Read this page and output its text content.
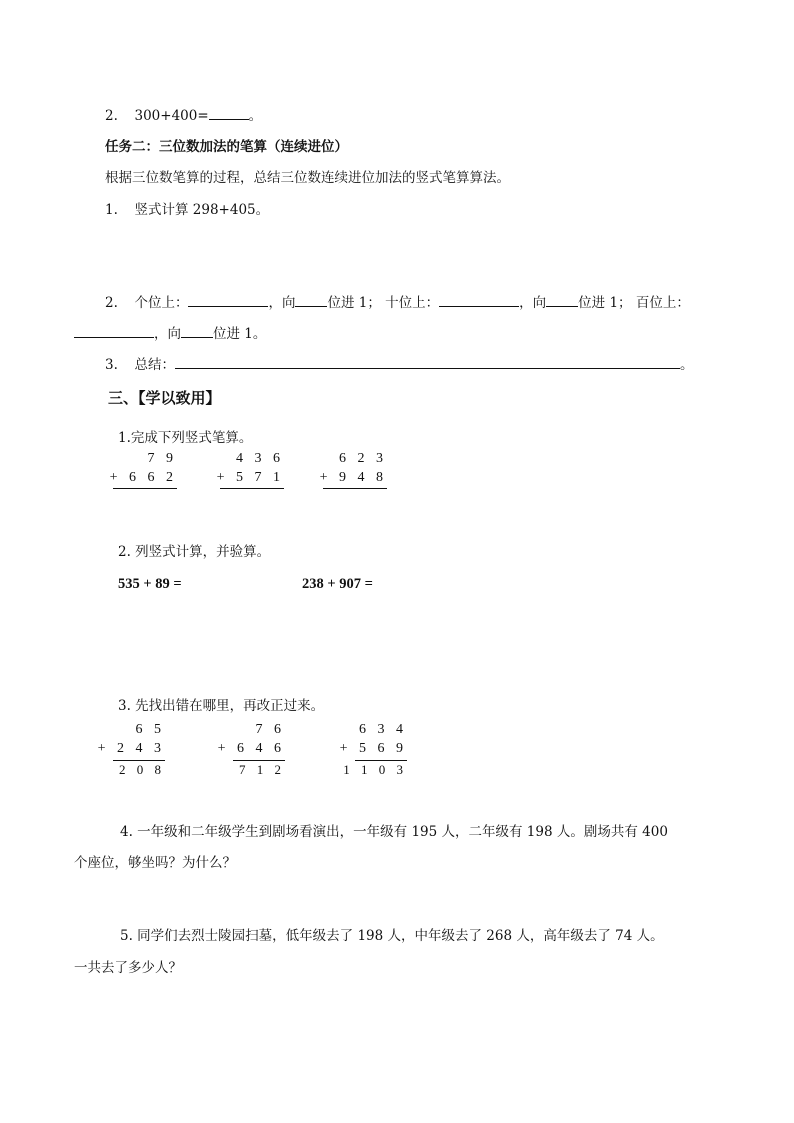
2. 300+400=	。
任务二：三位数加法的笔算（连续进位）
根据三位数笔算的过程，总结三位数连续进位加法的竖式笔算算法。
1. 竖式计算 298+405。
2. 个位上：	，向 位进 1； 十位上：	，向 位进 1； 百位上：
，向 位进 1。
3. 总结：	。
三、【学以致用】
1.完成下列竖式笔算。
7 9
+ 6 6 2
4 3 6
+ 5 7 1
6 2 3
+ 9 4 8
2. 列竖式计算，并验算。
535 + 89 =	238 + 907 =
3. 先找出错在哪里，再改正过来。
6 5
+ 2 4 3
2 0 8
7 6
+ 6 4 6
7 1 2
6 3 4
+ 5 6 9
1 1 0 3
4. 一年级和二年级学生到剧场看演出，一年级有 195 人，二年级有 198 人。剧场共有 400
个座位，够坐吗？为什么？
5. 同学们去烈士陵园扫墓，低年级去了 198 人，中年级去了 268 人，高年级去了 74 人。
一共去了多少人？
